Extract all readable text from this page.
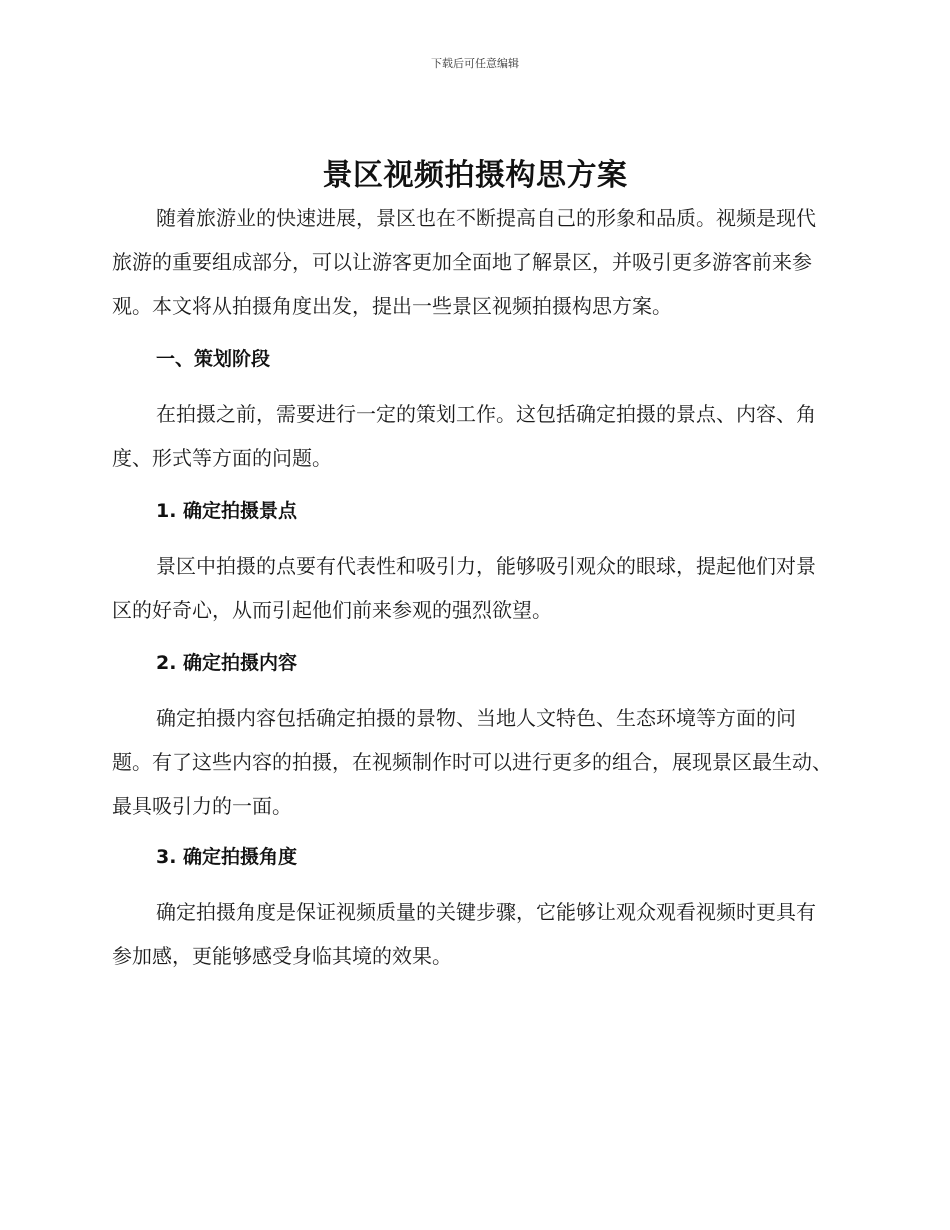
下载后可任意编辑
景区视频拍摄构思方案

随着旅游业的快速进展，景区也在不断提高自己的形象和品质。视频是现代旅游的重要组成部分，可以让游客更加全面地了解景区，并吸引更多游客前来参观。本文将从拍摄角度出发，提出一些景区视频拍摄构思方案。

一、策划阶段

在拍摄之前，需要进行一定的策划工作。这包括确定拍摄的景点、内容、角度、形式等方面的问题。

1. 确定拍摄景点

景区中拍摄的点要有代表性和吸引力，能够吸引观众的眼球，提起他们对景区的好奇心，从而引起他们前来参观的强烈欲望。

2. 确定拍摄内容

确定拍摄内容包括确定拍摄的景物、当地人文特色、生态环境等方面的问题。有了这些内容的拍摄，在视频制作时可以进行更多的组合，展现景区最生动、最具吸引力的一面。

3. 确定拍摄角度

确定拍摄角度是保证视频质量的关键步骤，它能够让观众观看视频时更具有参加感，更能够感受身临其境的效果。
